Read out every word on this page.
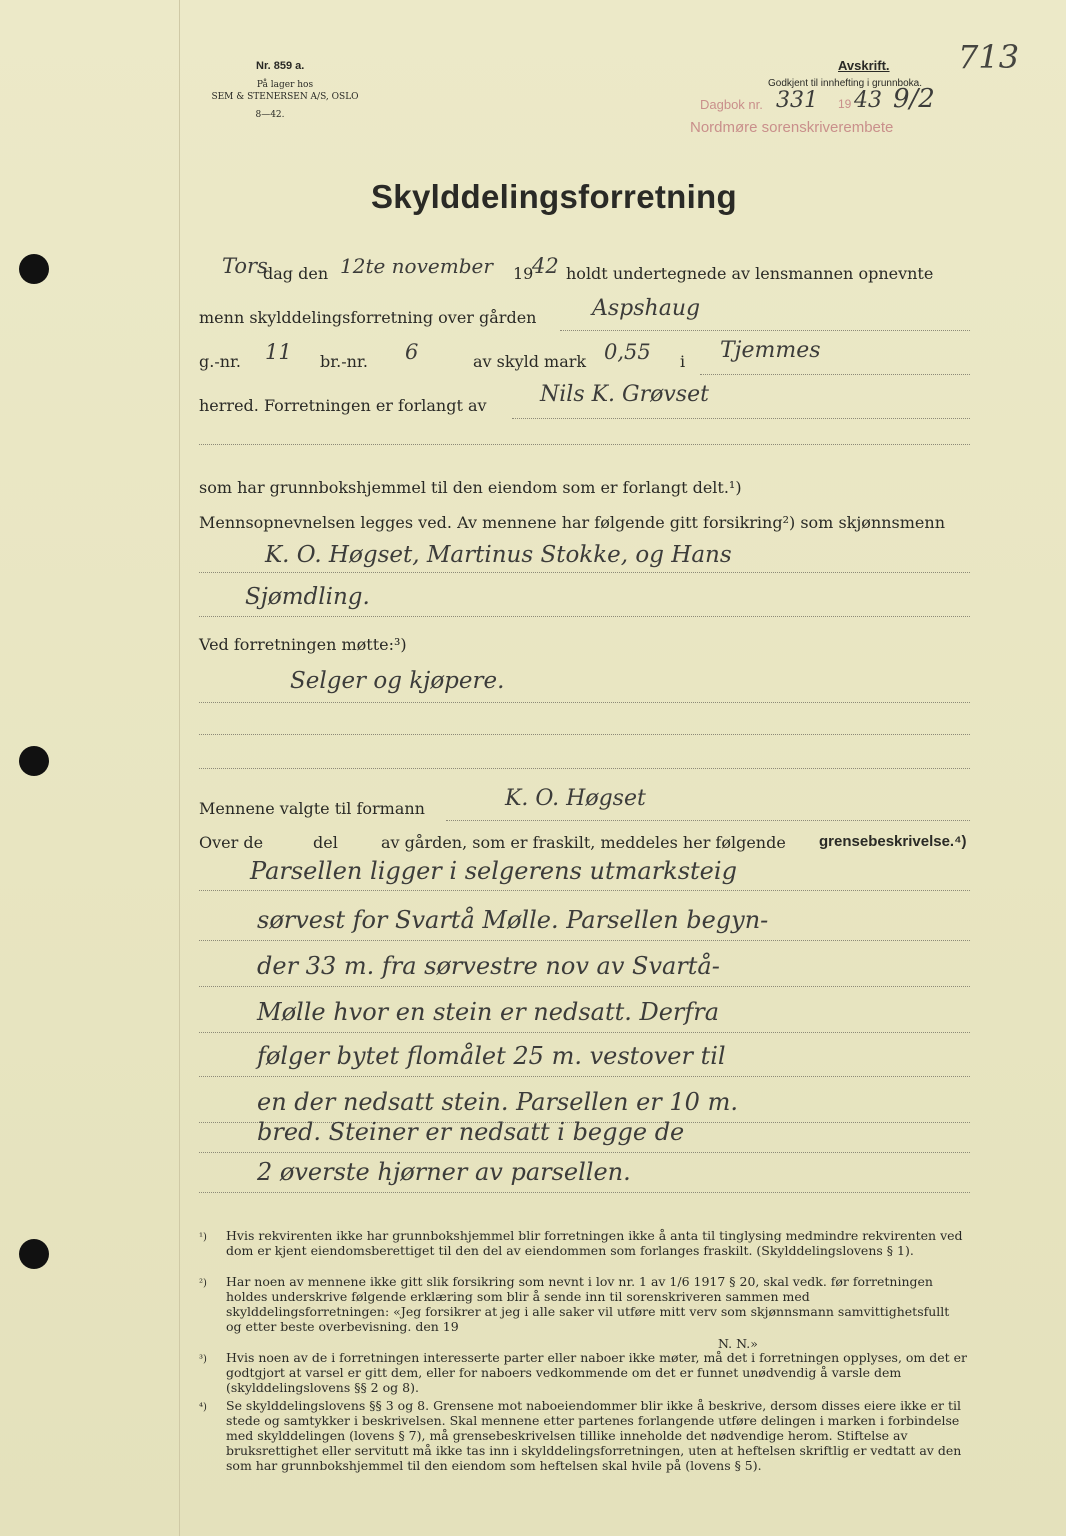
Nr. 859 a.
På lager hos
SEM & STENERSEN A/S, OSLO
8—42.
Avskrift.
Godkjent til innhefting i grunnboka.
713
Dagbok nr. 331 19 43 9/2
Nordmøre sorenskriverembete
Skylddelingsforretning
Tors
dag den 12te november 19
42 holdt undertegnede av lensmannen opnevnte
menn skylddelingsforretning over gården	Aspshaug
g.-nr. 11 br.-nr. 6	av skyld mark 0,55 i Tjemmes
herred. Forretningen er forlangt av Nils K. Grøvset
som har grunnbokshjemmel til den eiendom som er forlangt delt.¹)
Mennsopnevnelsen legges ved. Av mennene har følgende gitt forsikring²) som skjønnsmenn
K. O. Høgset, Martinus Stokke, og Hans
Sjømdling.
Ved forretningen møtte:³)
Selger og kjøpere.
Mennene valgte til formann	K. O. Høgset
Over de	del	av gården, som er fraskilt, meddeles her følgende grensebeskrivelse.⁴)
Parsellen ligger i selgerens utmarksteig
sørvest for Svartå Mølle. Parsellen begyn-
der 33 m. fra sørvestre nov av Svartå-
Mølle hvor en stein er nedsatt. Derfra
følger bytet flomålet 25 m. vestover til
en der nedsatt stein. Parsellen er 10 m.
bred. Steiner er nedsatt i begge de
2 øverste hjørner av parsellen.
¹) Hvis rekvirenten ikke har grunnbokshjemmel blir forretningen ikke å anta til tinglysing medmindre rekvirenten ved dom er kjent eiendomsberettiget til den del av eiendommen som forlanges fraskilt. (Skylddelingslovens § 1).
²) Har noen av mennene ikke gitt slik forsikring som nevnt i lov nr. 1 av 1/6 1917 § 20, skal vedk. før forretningen holdes underskrive følgende erklæring som blir å sende inn til sorenskriveren sammen med skylddelingsforretningen: «Jeg forsikrer at jeg i alle saker vil utføre mitt verv som skjønnsmann samvittighetsfullt og etter beste overbevisning. den 19
N. N.»
³) Hvis noen av de i forretningen interesserte parter eller naboer ikke møter, må det i forretningen opplyses, om det er godtgjort at varsel er gitt dem, eller for naboers vedkommende om det er funnet unødvendig å varsle dem (skylddelingslovens §§ 2 og 8).
⁴) Se skylddelingslovens §§ 3 og 8. Grensene mot naboeiendommer blir ikke å beskrive, dersom disses eiere ikke er til stede og samtykker i beskrivelsen. Skal mennene etter partenes forlangende utføre delingen i marken i forbindelse med skylddelingen (lovens § 7), må grensebeskrivelsen tillike inneholde det nødvendige herom. Stiftelse av bruksrettighet eller servitutt må ikke tas inn i skylddelingsforretningen, uten at heftelsen skriftlig er vedtatt av den som har grunnbokshjemmel til den eiendom som heftelsen skal hvile på (lovens § 5).
